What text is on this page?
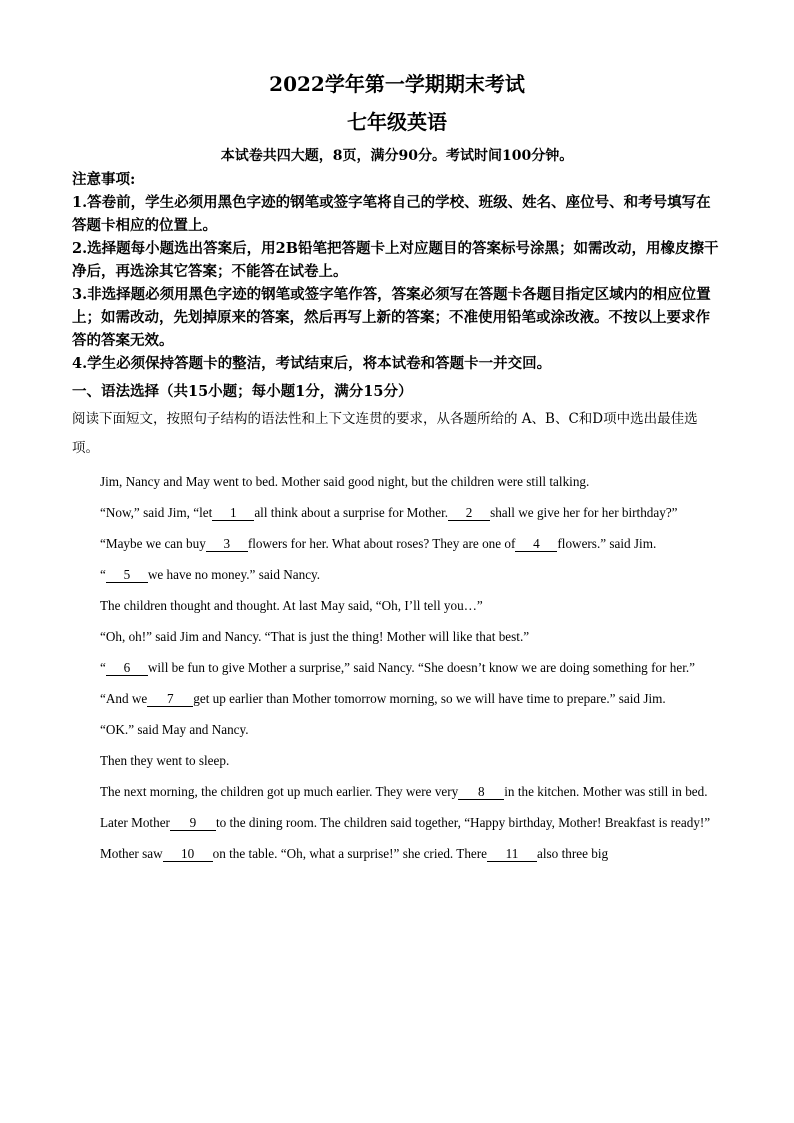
2022学年第一学期期末考试
七年级英语
本试卷共四大题，8页，满分90分。考试时间100分钟。

注意事项:

1.答卷前，学生必须用黑色字迹的钢笔或签字笔将自己的学校、班级、姓名、座位号、和考号填写在答题卡相应的位置上。

2.选择题每小题选出答案后，用2B铅笔把答题卡上对应题目的答案标号涂黑；如需改动，用橡皮擦干净后，再选涂其它答案；不能答在试卷上。

3.非选择题必须用黑色字迹的钢笔或签字笔作答，答案必须写在答题卡各题目指定区域内的相应位置上；如需改动，先划掉原来的答案，然后再写上新的答案；不准使用铅笔或涂改液。不按以上要求作答的答案无效。

4.学生必须保持答题卡的整洁，考试结束后，将本试卷和答题卡一并交回。

一、语法选择（共15小题；每小题1分，满分15分）
阅读下面短文，按照句子结构的语法性和上下文连贯的要求，从各题所给的 A、B、C和D项中选出最佳选项。

Jim, Nancy and May went to bed. Mother said good night, but the children were still talking.

“Now,” said Jim, “let 1 all think about a surprise for Mother. 2 shall we give her for her birthday?”

“Maybe we can buy 3 flowers for her. What about roses? They are one of 4 flowers.” said Jim.

“ 5 we have no money.” said Nancy.

The children thought and thought. At last May said, “Oh, I’ll tell you…”

“Oh, oh!” said Jim and Nancy. “That is just the thing! Mother will like that best.”

“ 6 will be fun to give Mother a surprise,” said Nancy. “She doesn’t know we are doing something for her.”

“And we 7 get up earlier than Mother tomorrow morning, so we will have time to prepare.” said Jim.

“OK.” said May and Nancy.

Then they went to sleep.

The next morning, the children got up much earlier. They were very 8 in the kitchen. Mother was still in bed.

Later Mother 9 to the dining room. The children said together, “Happy birthday, Mother! Breakfast is ready!”

Mother saw 10 on the table. “Oh, what a surprise!” she cried. There 11 also three big
